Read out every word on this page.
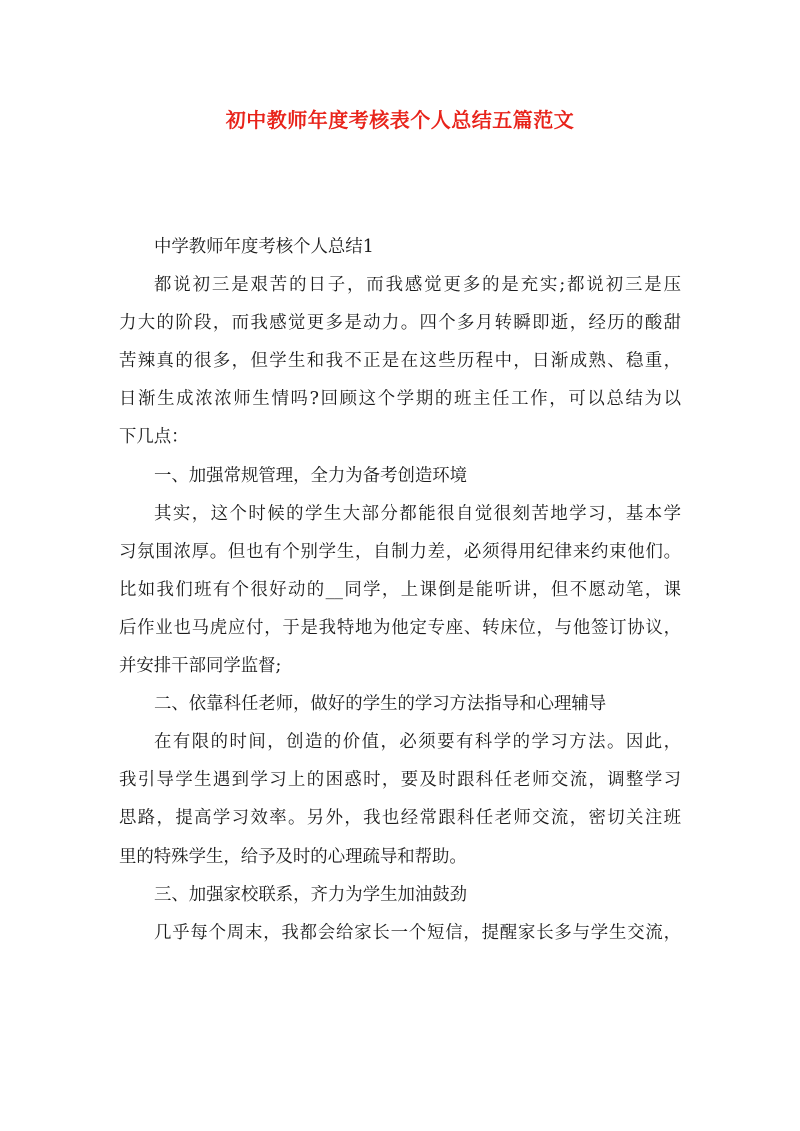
初中教师年度考核表个人总结五篇范文
中学教师年度考核个人总结1
都说初三是艰苦的日子，而我感觉更多的是充实;都说初三是压
力大的阶段，而我感觉更多是动力。四个多月转瞬即逝，经历的酸甜
苦辣真的很多，但学生和我不正是在这些历程中，日渐成熟、稳重，
日渐生成浓浓师生情吗?回顾这个学期的班主任工作，可以总结为以
下几点：
一、加强常规管理，全力为备考创造环境
其实，这个时候的学生大部分都能很自觉很刻苦地学习，基本学
习氛围浓厚。但也有个别学生，自制力差，必须得用纪律来约束他们。
比如我们班有个很好动的__同学，上课倒是能听讲，但不愿动笔，课
后作业也马虎应付，于是我特地为他定专座、转床位，与他签订协议，
并安排干部同学监督;
二、依靠科任老师，做好的学生的学习方法指导和心理辅导
在有限的时间，创造的价值，必须要有科学的学习方法。因此，
我引导学生遇到学习上的困惑时，要及时跟科任老师交流，调整学习
思路，提高学习效率。另外，我也经常跟科任老师交流，密切关注班
里的特殊学生，给予及时的心理疏导和帮助。
三、加强家校联系，齐力为学生加油鼓劲
几乎每个周末，我都会给家长一个短信，提醒家长多与学生交流，
